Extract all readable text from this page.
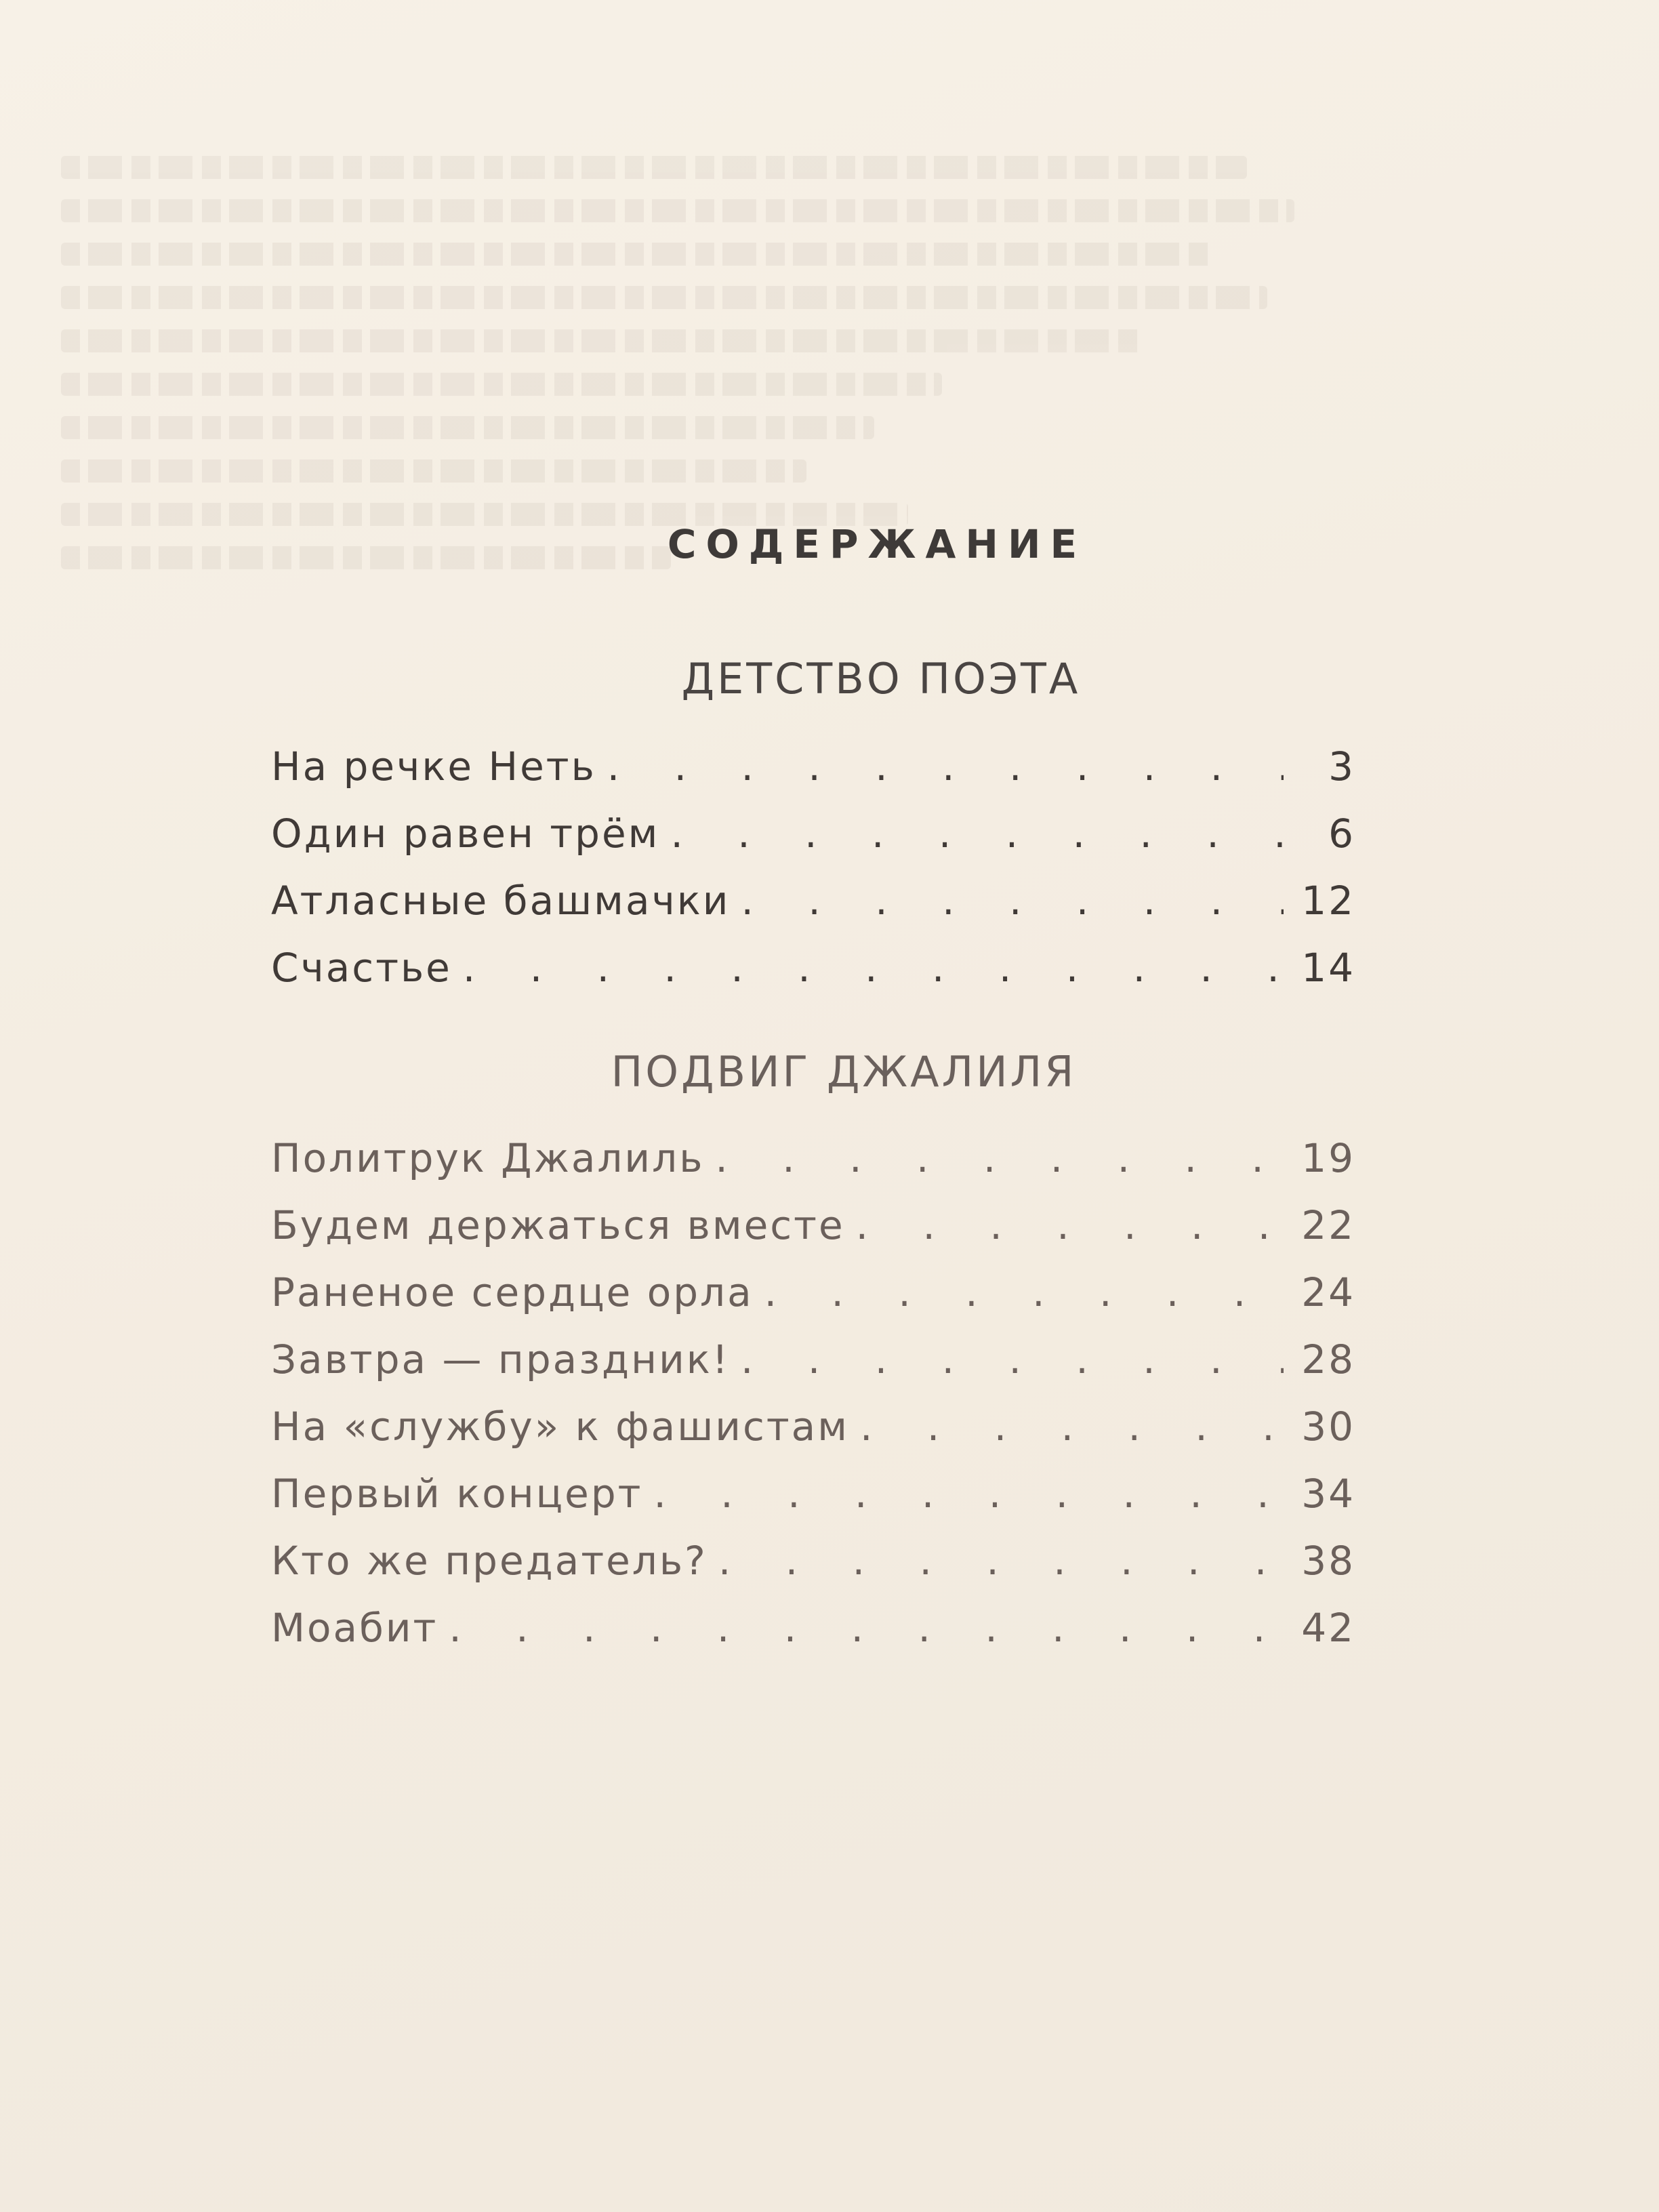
СОДЕРЖАНИЕ
ДЕТСТВО ПОЭТА
На речке Неть . . .	3
Один равен трём . . .	6
Атласные башмачки . . .	12
Счастье . . .	14
ПОДВИГ ДЖАЛИЛЯ
Политрук Джалиль . . .	19
Будем держаться вместе . . .	22
Раненое сердце орла . . .	24
Завтра — праздник! . . .	28
На «службу» к фашистам . . .	30
Первый концерт . . .	34
Кто же предатель? . . .	38
Моабит . . .	42
